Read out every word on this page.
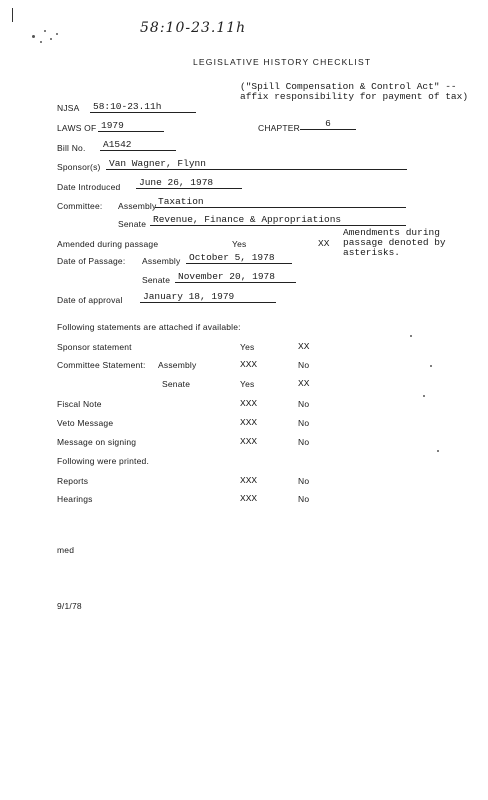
58:10-23.11h
LEGISLATIVE HISTORY CHECKLIST
("Spill Compensation & Control Act" -- affix responsibility for payment of tax)
NJSA	58:10-23.11h
LAWS OF 1979	CHAPTER	6
Bill No.	A1542
Sponsor(s) Van Wagner, Flynn
Date Introduced	June 26, 1978
Committee: Assembly Taxation
Senate Revenue, Finance & Appropriations
Amended during passage	Yes	XX
Amendments during passage denoted by asterisks.
Date of Passage: Assembly October 5, 1978
Senate November 20, 1978
Date of approval	January 18, 1979
Following statements are attached if available:
Sponsor statement	Yes	XX
Committee Statement: Assembly	XXX	No
Senate	Yes	XX
Fiscal Note	XXX	No
Veto Message	XXX	No
Message on signing	XXX	No
Following were printed.
Reports	XXX	No
Hearings	XXX	No
med
9/1/78
